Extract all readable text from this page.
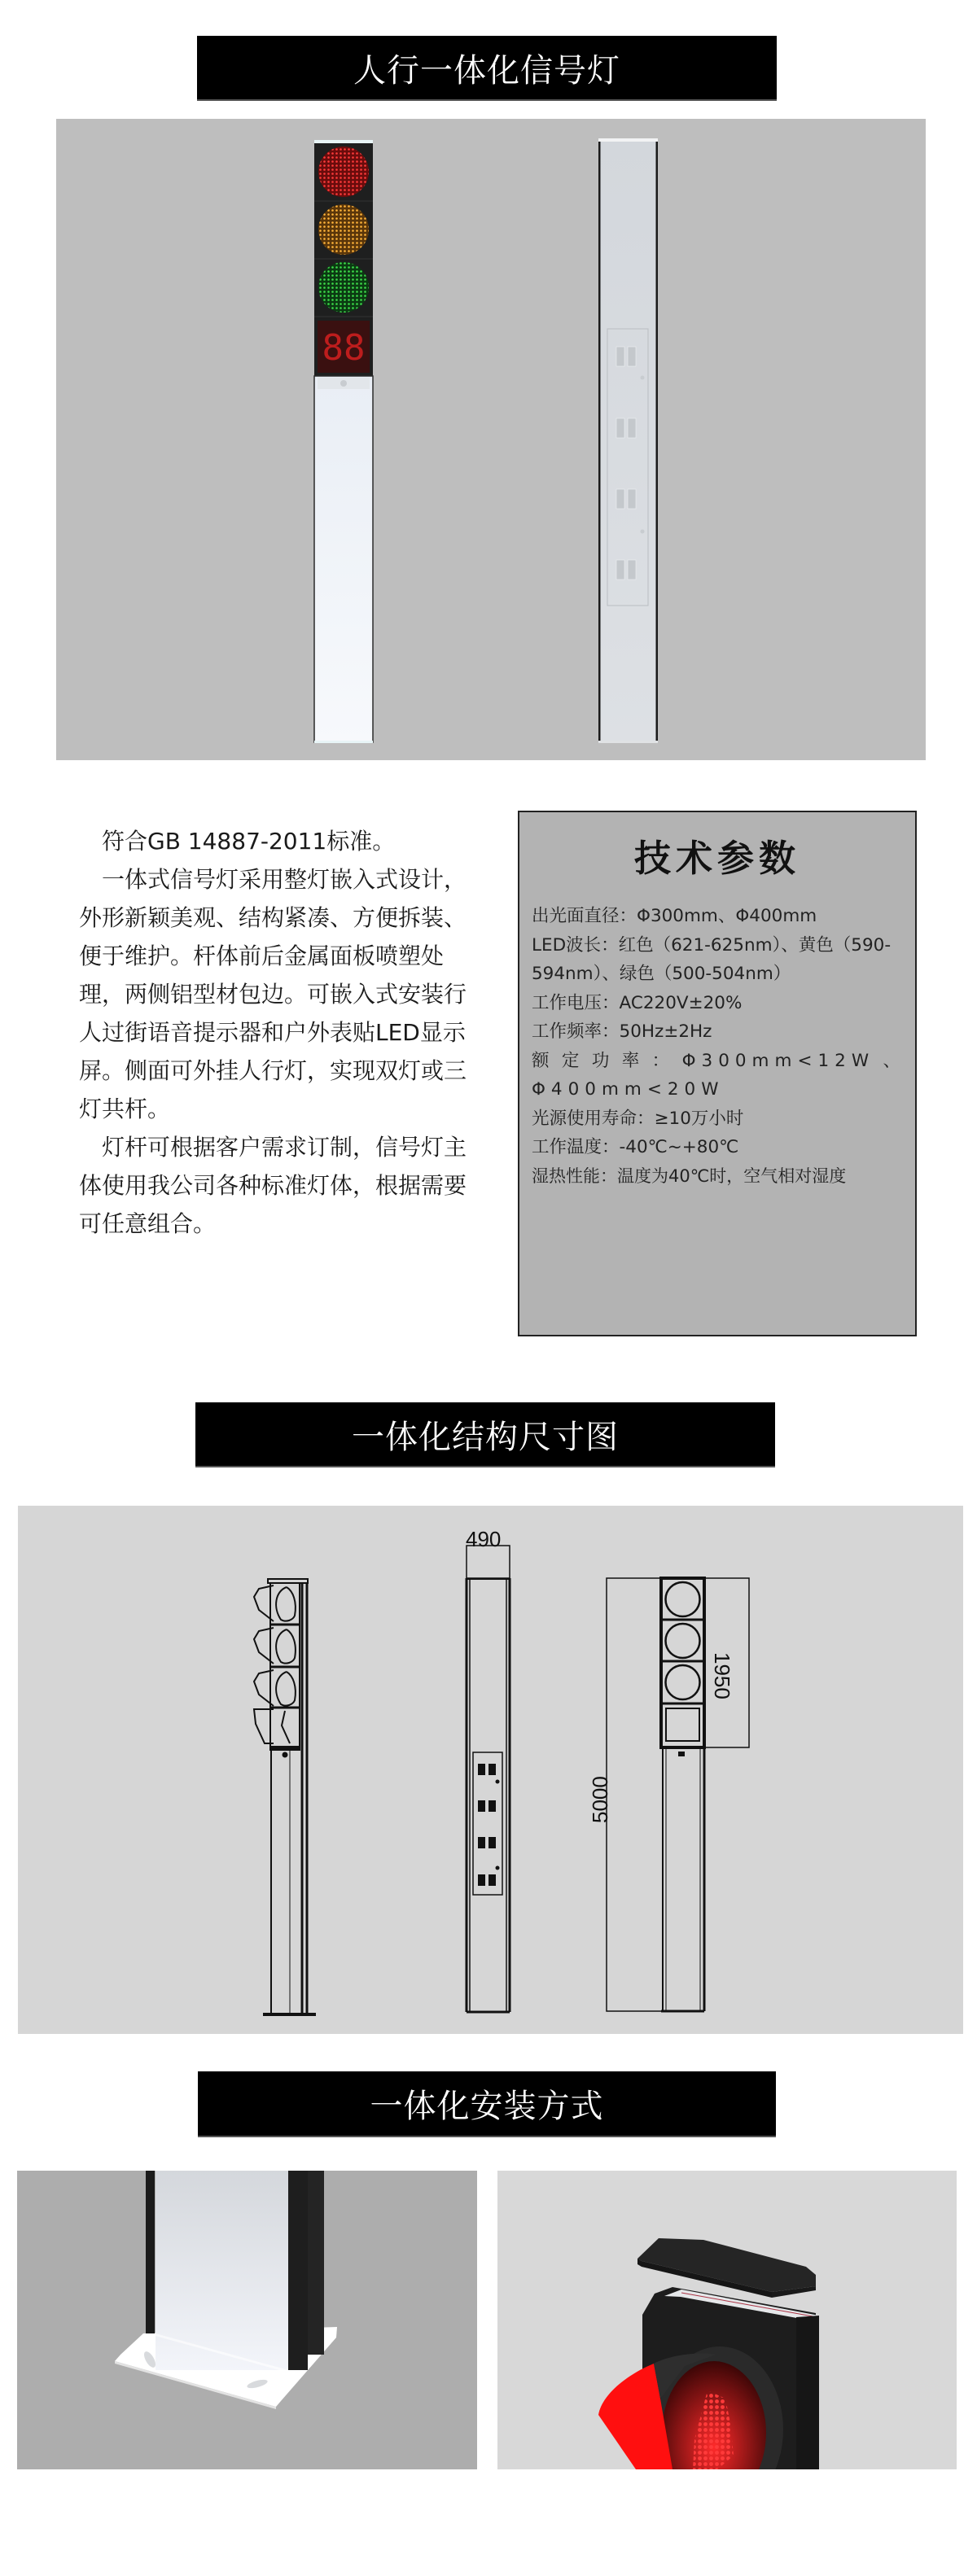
人行一体化信号灯
88

符合GB 14887-2011标准。

一体式信号灯采用整灯嵌入式设计，外形新颖美观、结构紧凑、方便拆装、便于维护。杆体前后金属面板喷塑处理，两侧铝型材包边。可嵌入式安装行人过街语音提示器和户外表贴LED显示屏。侧面可外挂人行灯，实现双灯或三灯共杆。

灯杆可根据客户需求订制，信号灯主体使用我公司各种标准灯体，根据需要可任意组合。

技术参数
出光面直径：Φ300mm、Φ400mm
LED波长：红色（621-625nm）、黄色（590-594nm）、绿色（500-504nm）
工作电压：AC220V±20%
工作频率：50Hz±2Hz
额定功率：Φ300mm<12W、Φ400mm<20W
光源使用寿命：≥10万小时
工作温度：-40℃~+80℃
湿热性能：温度为40℃时，空气相对湿度
一体化结构尺寸图
490
1950
5000
一体化安装方式
